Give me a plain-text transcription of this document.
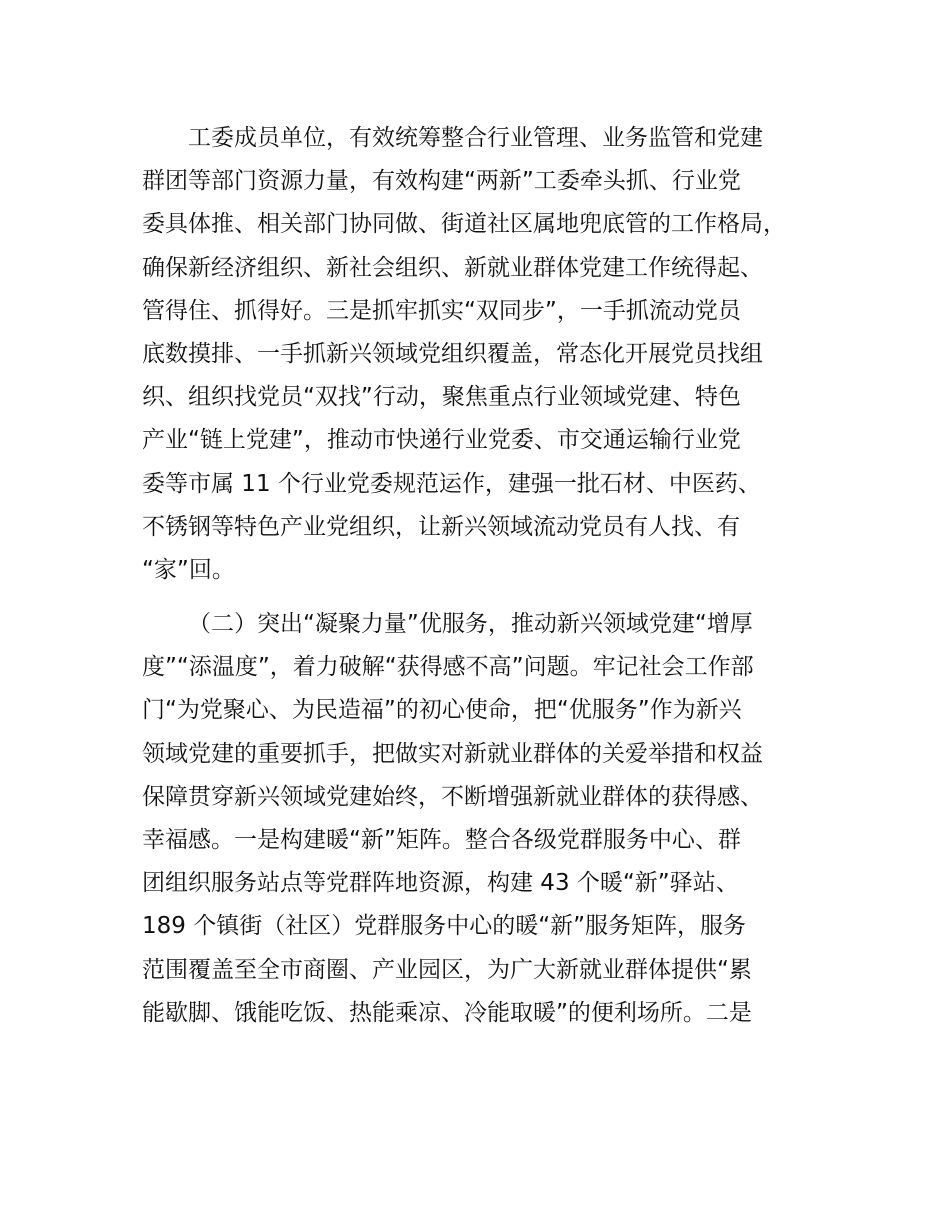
工委成员单位，有效统筹整合行业管理、业务监管和党建
群团等部门资源力量，有效构建“两新”工委牵头抓、行业党
委具体推、相关部门协同做、街道社区属地兜底管的工作格局，
确保新经济组织、新社会组织、新就业群体党建工作统得起、
管得住、抓得好。三是抓牢抓实“双同步”，一手抓流动党员
底数摸排、一手抓新兴领域党组织覆盖，常态化开展党员找组
织、组织找党员“双找”行动，聚焦重点行业领域党建、特色
产业“链上党建”，推动市快递行业党委、市交通运输行业党
委等市属 11 个行业党委规范运作，建强一批石材、中医药、
不锈钢等特色产业党组织，让新兴领域流动党员有人找、有
“家”回。
（二）突出“凝聚力量”优服务，推动新兴领域党建“增厚
度”“添温度”，着力破解“获得感不高”问题。牢记社会工作部
门“为党聚心、为民造福”的初心使命，把“优服务”作为新兴
领域党建的重要抓手，把做实对新就业群体的关爱举措和权益
保障贯穿新兴领域党建始终，不断增强新就业群体的获得感、
幸福感。一是构建暖“新”矩阵。整合各级党群服务中心、群
团组织服务站点等党群阵地资源，构建 43 个暖“新”驿站、
189 个镇街（社区）党群服务中心的暖“新”服务矩阵，服务
范围覆盖至全市商圈、产业园区，为广大新就业群体提供“累
能歇脚、饿能吃饭、热能乘凉、冷能取暖”的便利场所。二是
